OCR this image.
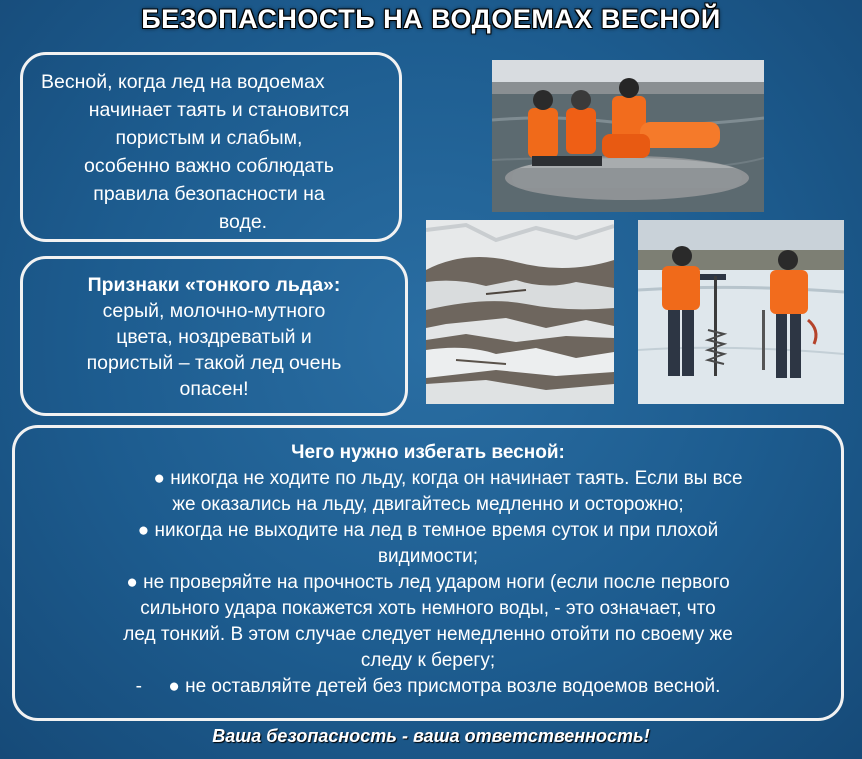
БЕЗОПАСНОСТЬ НА ВОДОЕМАХ ВЕСНОЙ
Весной, когда лед на водоемах
начинает таять и становится
пористым и слабым,
особенно важно соблюдать
правила безопасности на
воде.
Признаки «тонкого льда»:
серый, молочно-мутного
цвета, ноздреватый и
пористый – такой лед очень
опасен!
Чего нужно избегать весной:
● никогда не ходите по льду, когда он начинает таять. Если вы все
же оказались на льду, двигайтесь медленно и осторожно;
● никогда не выходите на лед в темное время суток и при плохой
видимости;
● не проверяйте на прочность лед ударом ноги (если после первого
сильного удара покажется хоть немного воды, - это означает, что
лед тонкий. В этом случае следует немедленно отойти по своему же
следу к берегу;
-     ● не оставляйте детей без присмотра возле водоемов весной.
Ваша безопасность - ваша ответственность!
